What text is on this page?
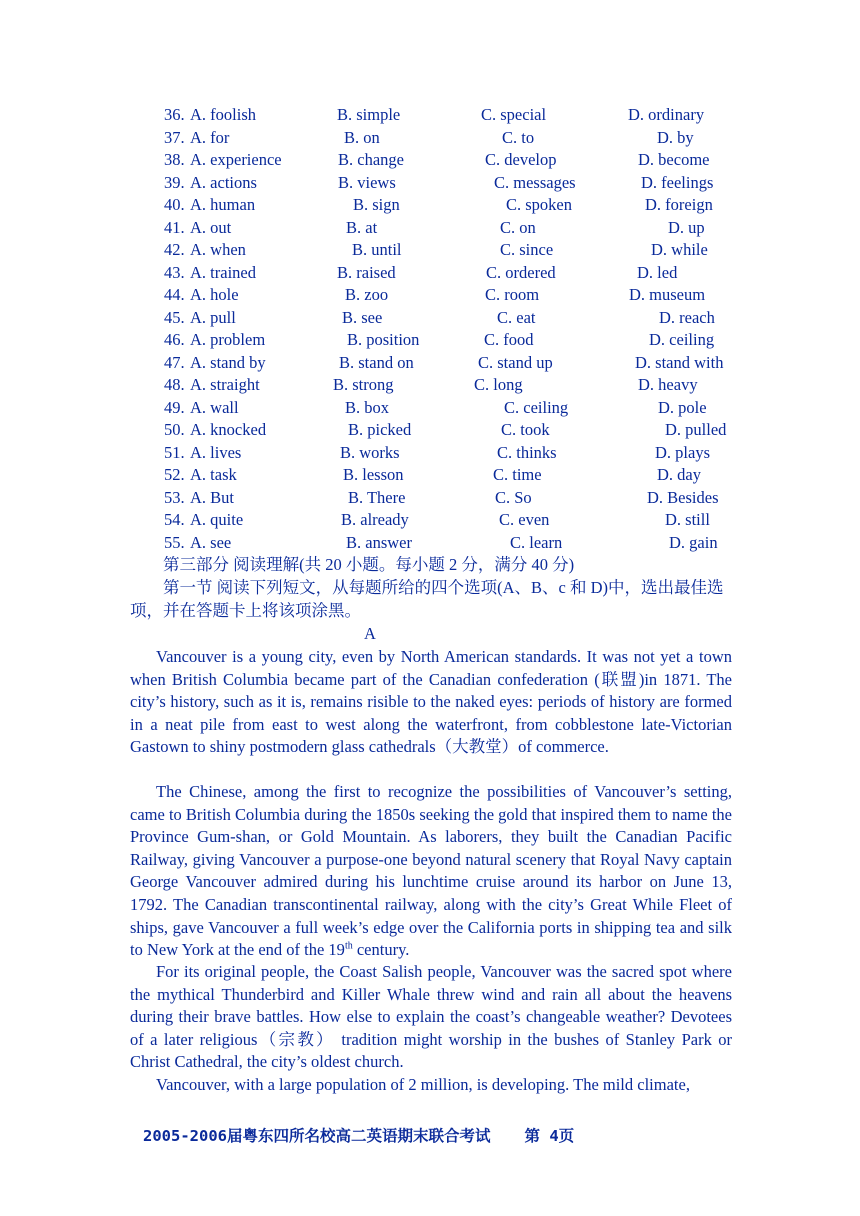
36. A. foolish	B. simple	C. special	D. ordinary
37. A. for	B. on	C. to	D. by
38. A. experience	B. change	C. develop	D. become
39. A. actions	B. views	C. messages	D. feelings
40. A. human	B. sign	C. spoken	D. foreign
41. A. out	B. at	C. on	D. up
42. A. when	B. until	C. since	D. while
43. A. trained	B. raised	C. ordered	D. led
44. A. hole	B. zoo	C. room	D. museum
45. A. pull	B. see	C. eat	D. reach
46. A. problem	B. position	C. food	D. ceiling
47. A. stand by	B. stand on	C. stand up	D. stand with
48. A. straight	B. strong	C. long	D. heavy
49. A. wall	B. box	C. ceiling	D. pole
50. A. knocked	B. picked	C. took	D. pulled
51. A. lives	B. works	C. thinks	D. plays
52. A. task	B. lesson	C. time	D. day
53. A. But	B. There	C. So	D. Besides
54. A. quite	B. already	C. even	D. still
55. A. see	B. answer	C. learn	D. gain
第三部分 阅读理解(共 20 小题。每小题 2 分，满分 40 分)
第一节 阅读下列短文，从每题所给的四个选项(A、B、c 和 D)中，选出最佳选项，并在答题卡上将该项涂黑。
A
Vancouver is a young city, even by North American standards. It was not yet a town when British Columbia became part of the Canadian confederation (联盟)in 1871. The city’s history, such as it is, remains risible to the naked eyes: periods of history are formed in a neat pile from east to west along the waterfront, from cobblestone late-Victorian Gastown to shiny postmodern glass cathedrals（大教堂）of commerce.
The Chinese, among the first to recognize the possibilities of Vancouver’s setting, came to British Columbia during the 1850s seeking the gold that inspired them to name the Province Gum-shan, or Gold Mountain. As laborers, they built the Canadian Pacific Railway, giving Vancouver a purpose-one beyond natural scenery that Royal Navy captain George Vancouver admired during his lunchtime cruise around its harbor on June 13, 1792. The Canadian transcontinental railway, along with the city’s Great While Fleet of ships, gave Vancouver a full week’s edge over the California ports in shipping tea and silk to New York at the end of the 19th century.
For its original people, the Coast Salish people, Vancouver was the sacred spot where the mythical Thunderbird and Killer Whale threw wind and rain all about the heavens during their brave battles. How else to explain the coast’s changeable weather? Devotees of a later religious（宗教） tradition might worship in the bushes of Stanley Park or Christ Cathedral, the city’s oldest church.
Vancouver, with a large population of 2 million, is developing. The mild climate,
2005-2006届粤东四所名校高二英语期末联合考试 第 4页
